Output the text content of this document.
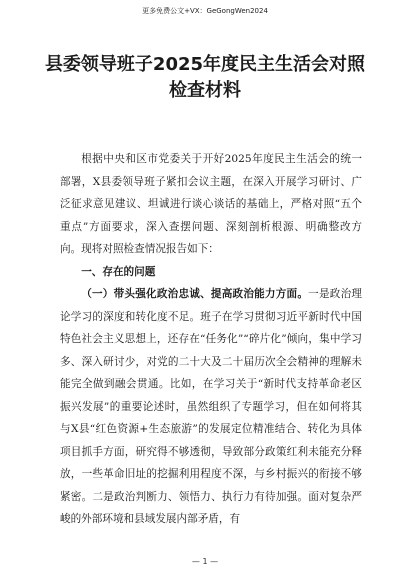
更多免费公文+VX：GeGongWen2024
县委领导班子2025年度民主生活会对照
检查材料

根据中央和区市党委关于开好2025年度民主生活会的统一部署，X县委领导班子紧扣会议主题，在深入开展学习研讨、广泛征求意见建议、坦诚进行谈心谈话的基础上，严格对照“五个重点”方面要求，深入查摆问题、深刻剖析根源、明确整改方向。现将对照检查情况报告如下：

一、存在的问题

（一）带头强化政治忠诚、提高政治能力方面。一是政治理论学习的深度和转化度不足。班子在学习贯彻习近平新时代中国特色社会主义思想上，还存在“任务化”“碎片化”倾向，集中学习多、深入研讨少，对党的二十大及二十届历次全会精神的理解未能完全做到融会贯通。比如，在学习关于“新时代支持革命老区振兴发展”的重要论述时，虽然组织了专题学习，但在如何将其与X县“红色资源+生态旅游”的发展定位精准结合、转化为具体项目抓手方面，研究得不够透彻，导致部分政策红利未能充分释放，一些革命旧址的挖掘利用程度不深，与乡村振兴的衔接不够紧密。二是政治判断力、领悟力、执行力有待加强。面对复杂严峻的外部环境和县域发展内部矛盾，有

— 1 —
